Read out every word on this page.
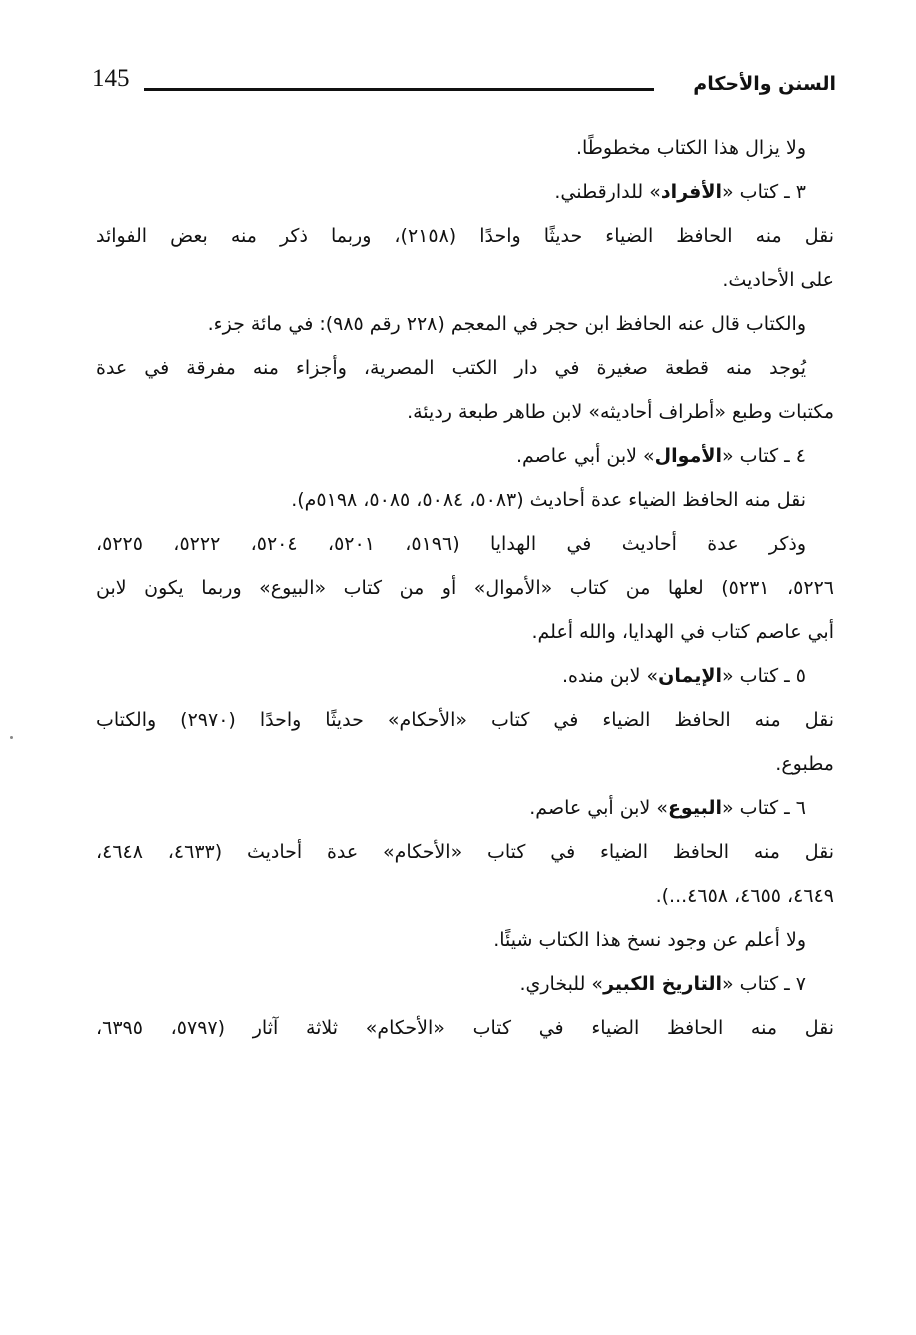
145	السنن والأحكام
ولا يزال هذا الكتاب مخطوطًا.
٣ ـ كتاب «الأفراد» للدارقطني.
نقل منه الحافظ الضياء حديثًا واحدًا (٢١٥٨)، وربما ذكر منه بعض الفوائد
على الأحاديث.
والكتاب قال عنه الحافظ ابن حجر في المعجم (٢٢٨ رقم ٩٨٥): في مائة جزء.
يُوجد منه قطعة صغيرة في دار الكتب المصرية، وأجزاء منه مفرقة في عدة
مكتبات وطبع «أطراف أحاديثه» لابن طاهر طبعة رديئة.
٤ ـ كتاب «الأموال» لابن أبي عاصم.
نقل منه الحافظ الضياء عدة أحاديث (٥٠٨٣، ٥٠٨٤، ٥٠٨٥، ٥١٩٨م).
وذكر عدة أحاديث في الهدايا (٥١٩٦، ٥٢٠١، ٥٢٠٤، ٥٢٢٢، ٥٢٢٥،
٥٢٢٦، ٥٢٣١) لعلها من كتاب «الأموال» أو من كتاب «البيوع» وربما يكون لابن
أبي عاصم كتاب في الهدايا، والله أعلم.
٥ ـ كتاب «الإيمان» لابن منده.
نقل منه الحافظ الضياء في كتاب «الأحكام» حديثًا واحدًا (٢٩٧٠) والكتاب
مطبوع.
٦ ـ كتاب «البيوع» لابن أبي عاصم.
نقل منه الحافظ الضياء في كتاب «الأحكام» عدة أحاديث (٤٦٣٣، ٤٦٤٨،
٤٦٤٩، ٤٦٥٥، ٤٦٥٨...).
ولا أعلم عن وجود نسخ هذا الكتاب شيئًا.
٧ ـ كتاب «التاريخ الكبير» للبخاري.
نقل منه الحافظ الضياء في كتاب «الأحكام» ثلاثة آثار (٥٧٩٧، ٦٣٩٥،
